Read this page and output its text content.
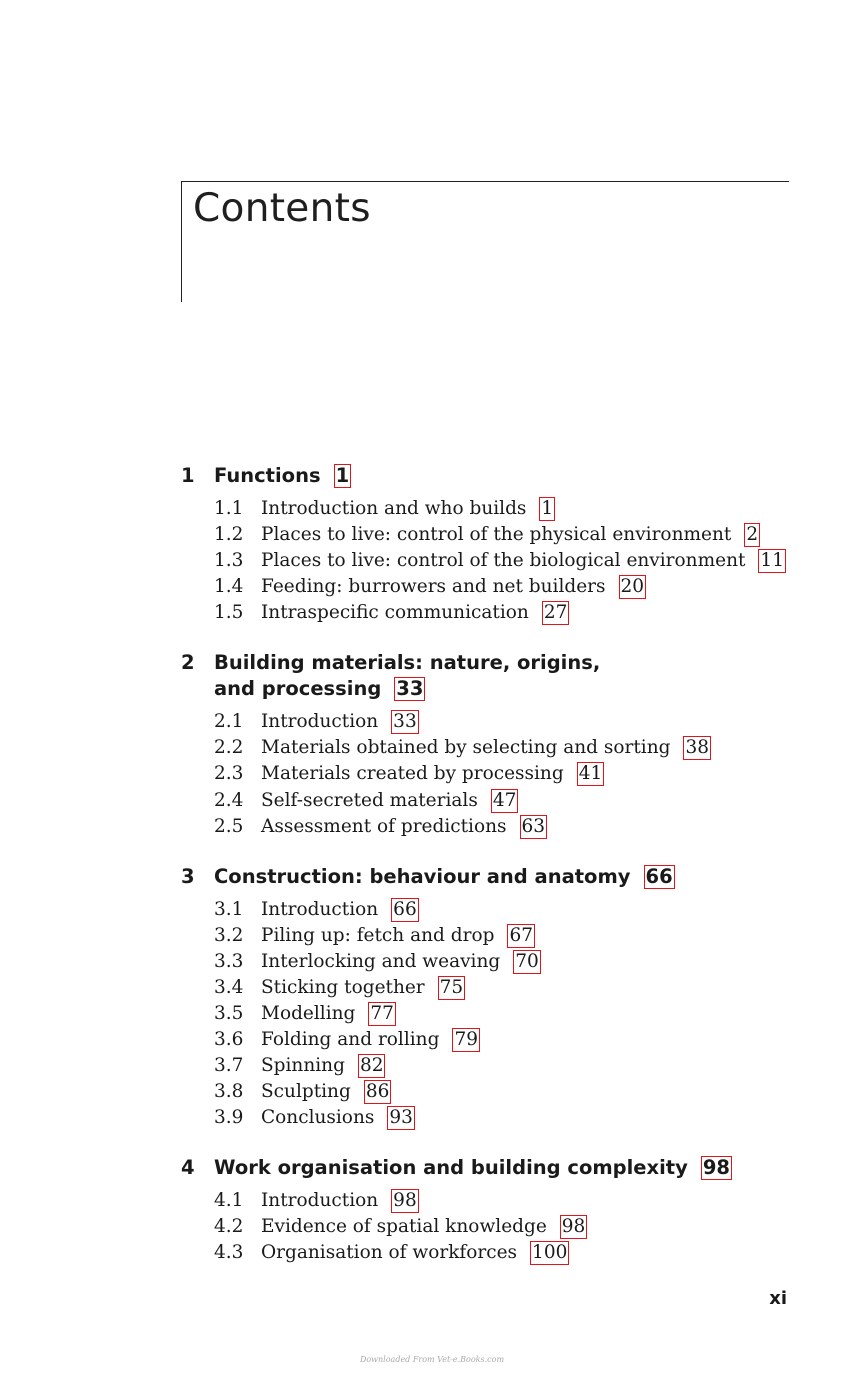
Contents
1 Functions 1
1.1 Introduction and who builds 1
1.2 Places to live: control of the physical environment 2
1.3 Places to live: control of the biological environment 11
1.4 Feeding: burrowers and net builders 20
1.5 Intraspecific communication 27
2 Building materials: nature, origins,
and processing 33
2.1 Introduction 33
2.2 Materials obtained by selecting and sorting 38
2.3 Materials created by processing 41
2.4 Self-secreted materials 47
2.5 Assessment of predictions 63
3 Construction: behaviour and anatomy 66
3.1 Introduction 66
3.2 Piling up: fetch and drop 67
3.3 Interlocking and weaving 70
3.4 Sticking together 75
3.5 Modelling 77
3.6 Folding and rolling 79
3.7 Spinning 82
3.8 Sculpting 86
3.9 Conclusions 93
4 Work organisation and building complexity 98
4.1 Introduction 98
4.2 Evidence of spatial knowledge 98
4.3 Organisation of workforces 100
xi
Downloaded From Vet-e.Books.com
